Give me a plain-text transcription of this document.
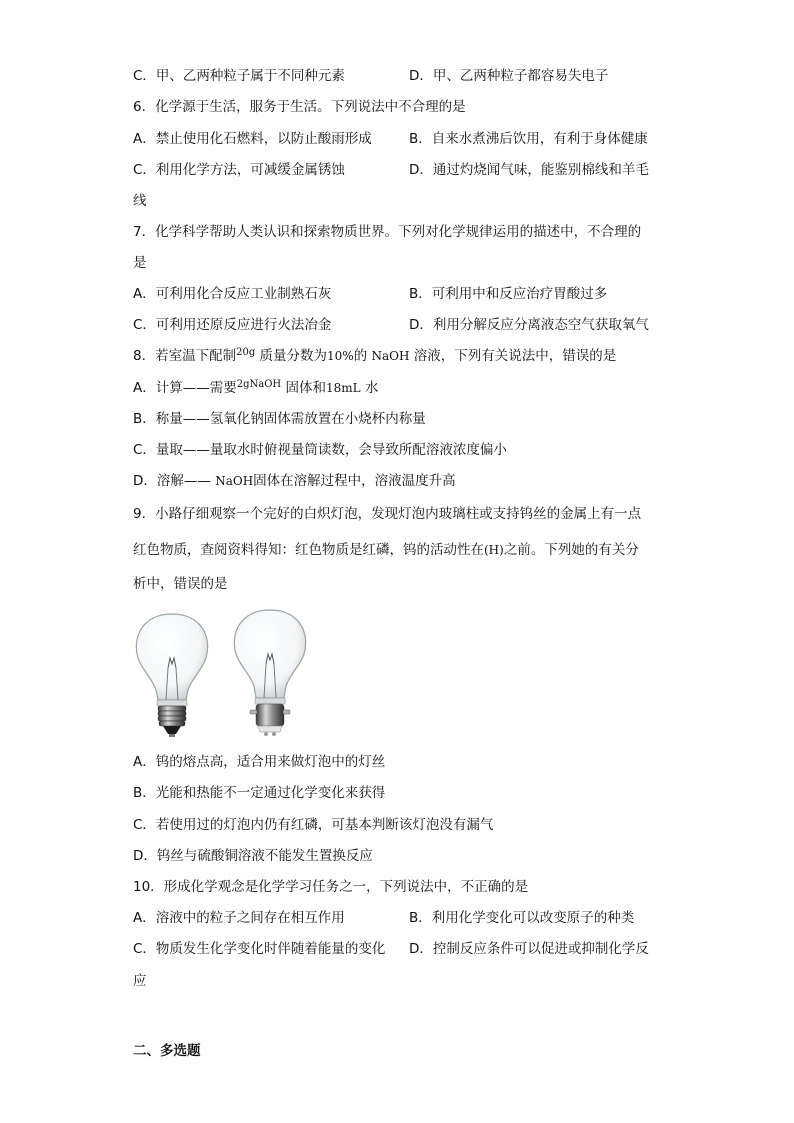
C．甲、乙两种粒子属于不同种元素	D．甲、乙两种粒子都容易失电子
6．化学源于生活，服务于生活。下列说法中不合理的是
A．禁止使用化石燃料，以防止酸雨形成	B．自来水煮沸后饮用，有利于身体健康
C．利用化学方法，可减缓金属锈蚀	D．通过灼烧闻气味，能鉴别棉线和羊毛
线
7．化学科学帮助人类认识和探索物质世界。下列对化学规律运用的描述中，不合理的
是
A．可利用化合反应工业制熟石灰	B．可利用中和反应治疗胃酸过多
C．可利用还原反应进行火法冶金	D．利用分解反应分离液态空气获取氧气
8．若室温下配制$^{20g}$ 质量分数为10%的 NaOH 溶液，下列有关说法中，错误的是
A．计算——需要$^{2gNaOH}$ 固体和18mL 水
B．称量——氢氧化钠固体需放置在小烧杯内称量
C．量取——量取水时俯视量筒读数，会导致所配溶液浓度偏小
D．溶解—— NaOH固体在溶解过程中，溶液温度升高
9．小路仔细观察一个完好的白炽灯泡，发现灯泡内玻璃柱或支持钨丝的金属上有一点
红色物质，查阅资料得知：红色物质是红磷，钨的活动性在(H)之前。下列她的有关分
析中，错误的是
A．钨的熔点高，适合用来做灯泡中的灯丝
B．光能和热能不一定通过化学变化来获得
C．若使用过的灯泡内仍有红磷，可基本判断该灯泡没有漏气
D．钨丝与硫酸铜溶液不能发生置换反应
10．形成化学观念是化学学习任务之一，下列说法中，不正确的是
A．溶液中的粒子之间存在相互作用	B．利用化学变化可以改变原子的种类
C．物质发生化学变化时伴随着能量的变化 D．控制反应条件可以促进或抑制化学反
应
二、多选题
